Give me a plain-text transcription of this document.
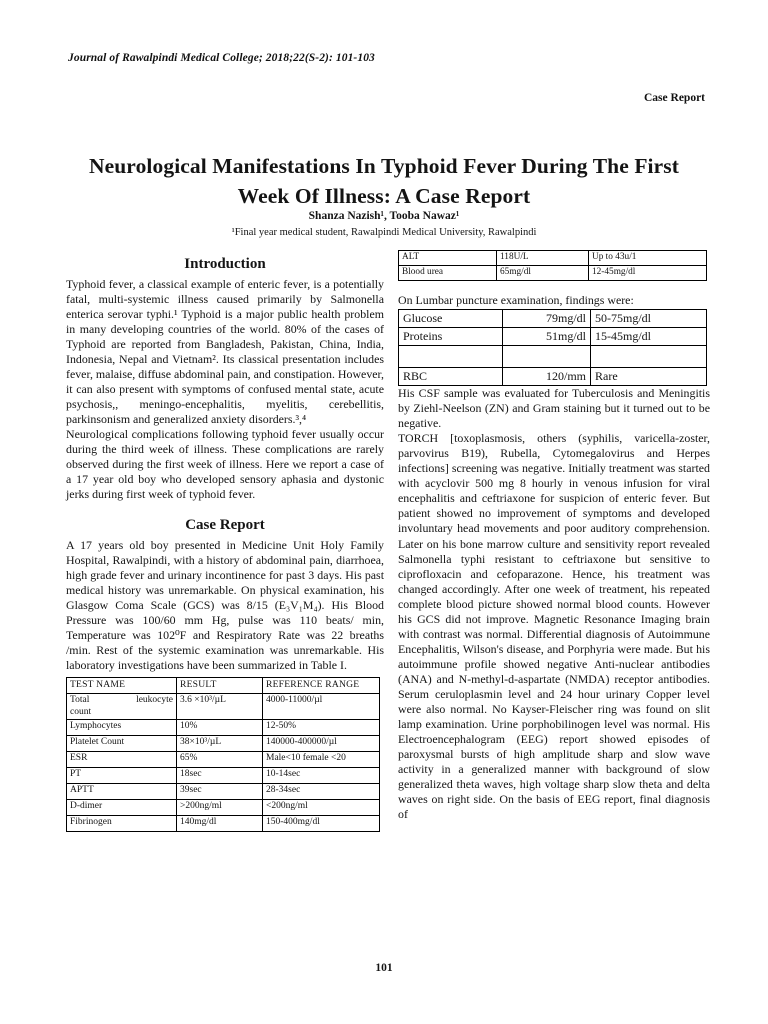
Journal of Rawalpindi Medical College; 2018;22(S-2): 101-103
Case Report
Neurological Manifestations In Typhoid Fever During The First Week Of Illness: A Case Report
Shanza Nazish¹, Tooba Nawaz¹
¹Final year medical student, Rawalpindi Medical University, Rawalpindi
Introduction

Typhoid fever, a classical example of enteric fever, is a potentially fatal, multi-systemic illness caused primarily by Salmonella enterica serovar typhi.¹ Typhoid is a major public health problem in many developing countries of the world. 80% of the cases of Typhoid are reported from Bangladesh, Pakistan, China, India, Indonesia, Nepal and Vietnam². Its classical presentation includes fever, malaise, diffuse abdominal pain, and constipation. However, it can also present with symptoms of confused mental state, acute psychosis,, meningo-encephalitis, myelitis, cerebellitis, parkinsonism and generalized anxiety disorders.³,⁴

Neurological complications following typhoid fever usually occur during the third week of illness. These complications are rarely observed during the first week of illness. Here we report a case of a 17 year old boy who developed sensory aphasia and dystonic jerks during first week of typhoid fever.

Case Report

A 17 years old boy presented in Medicine Unit Holy Family Hospital, Rawalpindi, with a history of abdominal pain, diarrhoea, high grade fever and urinary incontinence for past 3 days. His past medical history was unremarkable. On physical examination, his Glasgow Coma Scale (GCS) was 8/15 (E₃V₁M₄). His Blood Pressure was 100/60 mm Hg, pulse was 110 beats/ min, Temperature was 102⁰F and Respiratory Rate was 22 breaths /min. Rest of the systemic examination was unremarkable. His laboratory investigations have been summarized in Table I.

TEST NAME	RESULT	REFERENCE RANGE

Total leukocyte
count	3.6 ×10³/µL	4000-11000/µl
Lymphocytes	10%	12-50%
Platelet Count	38×10³/µL	140000-400000/µl
ESR	65%	Male<10 female <20
PT	18sec	10-14sec
APTT	39sec	28-34sec
D-dimer	>200ng/ml	<200ng/ml
Fibrinogen	140mg/dl	150-400mg/dl
ALT	118U/L	Up to 43u/1
Blood urea	65mg/dl	12-45mg/dl
On Lumbar puncture examination, findings were:
Glucose	79mg/dl	50-75mg/dl
Proteins	51mg/dl	15-45mg/dl

RBC	120/mm	Rare

His CSF sample was evaluated for Tuberculosis and Meningitis by Ziehl-Neelson (ZN) and Gram staining but it turned out to be negative.

TORCH [toxoplasmosis, others (syphilis, varicella-zoster, parvovirus B19), Rubella, Cytomegalovirus and Herpes infections] screening was negative. Initially treatment was started with acyclovir 500 mg 8 hourly in venous infusion for viral encephalitis and ceftriaxone for suspicion of enteric fever. But patient showed no improvement of symptoms and developed involuntary head movements and poor auditory comprehension. Later on his bone marrow culture and sensitivity report revealed Salmonella typhi resistant to ceftriaxone but sensitive to ciprofloxacin and cefoparazone. Hence, his treatment was changed accordingly. After one week of treatment, his repeated complete blood picture showed normal blood counts. However his GCS did not improve. Magnetic Resonance Imaging brain with contrast was normal. Differential diagnosis of Autoimmune Encephalitis, Wilson's disease, and Porphyria were made. But his autoimmune profile showed negative Anti-nuclear antibodies (ANA) and N-methyl-d-aspartate (NMDA) receptor antibodies. Serum ceruloplasmin level and 24 hour urinary Copper level were also normal. No Kayser-Fleischer ring was found on slit lamp examination. Urine porphobilinogen level was normal. His Electroencephalogram (EEG) report showed episodes of paroxysmal bursts of high amplitude sharp and slow wave activity in a generalized manner with background of slow generalized theta waves, high voltage sharp slow theta and delta waves on right side. On the basis of EEG report, final diagnosis of

101
